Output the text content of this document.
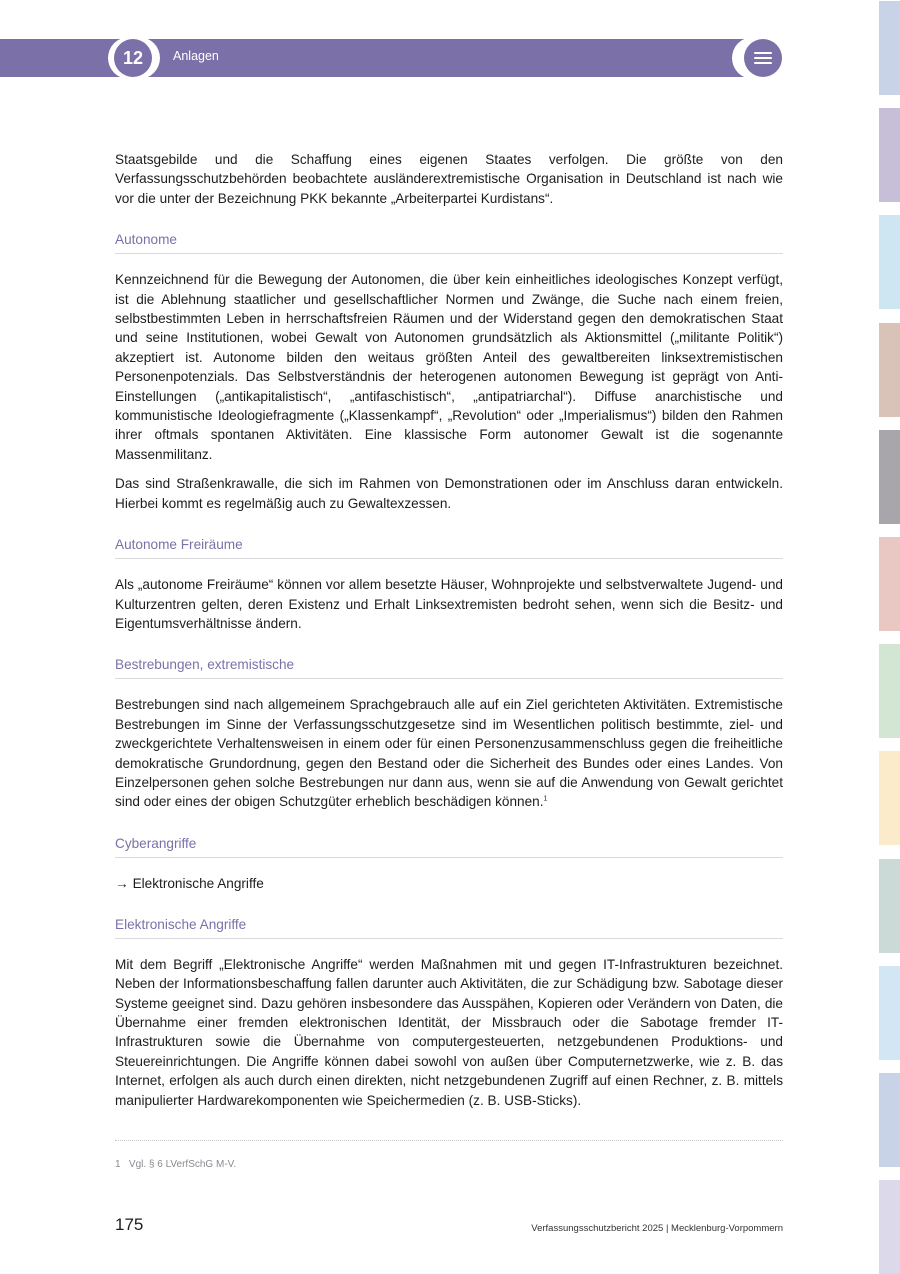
12	Anlagen

Staatsgebilde und die Schaffung eines eigenen Staates verfolgen. Die größte von den Verfassungsschutzbehörden beobachtete ausländerextremistische Organisation in Deutschland ist nach wie vor die unter der Bezeichnung PKK bekannte „Arbeiterpartei Kurdistans“.

Autonome

Kennzeichnend für die Bewegung der Autonomen, die über kein einheitliches ideologisches Konzept verfügt, ist die Ablehnung staatlicher und gesellschaftlicher Normen und Zwänge, die Suche nach einem freien, selbstbestimmten Leben in herrschaftsfreien Räumen und der Widerstand gegen den demokratischen Staat und seine Institutionen, wobei Gewalt von Autonomen grundsätzlich als Aktionsmittel („militante Politik“) akzeptiert ist. Autonome bilden den weitaus größten Anteil des gewaltbereiten linksextremistischen Personenpotenzials. Das Selbstverständnis der heterogenen autonomen Bewegung ist geprägt von Anti-Einstellungen („antikapitalistisch“, „antifaschistisch“, „antipatriarchal“). Diffuse anarchistische und kommunistische Ideologiefragmente („Klassenkampf“, „Revolution“ oder „Imperialismus“) bilden den Rahmen ihrer oftmals spontanen Aktivitäten. Eine klassische Form autonomer Gewalt ist die sogenannte Massenmilitanz.

Das sind Straßenkrawalle, die sich im Rahmen von Demonstrationen oder im Anschluss daran entwickeln. Hierbei kommt es regelmäßig auch zu Gewaltexzessen.

Autonome Freiräume

Als „autonome Freiräume“ können vor allem besetzte Häuser, Wohnprojekte und selbstverwaltete Jugend- und Kulturzentren gelten, deren Existenz und Erhalt Linksextremisten bedroht sehen, wenn sich die Besitz- und Eigentumsverhältnisse ändern.

Bestrebungen, extremistische

Bestrebungen sind nach allgemeinem Sprachgebrauch alle auf ein Ziel gerichteten Aktivitäten. Extremistische Bestrebungen im Sinne der Verfassungsschutzgesetze sind im Wesentlichen politisch bestimmte, ziel- und zweckgerichtete Verhaltensweisen in einem oder für einen Personenzusammenschluss gegen die freiheitliche demokratische Grundordnung, gegen den Bestand oder die Sicherheit des Bundes oder eines Landes. Von Einzelpersonen gehen solche Bestrebungen nur dann aus, wenn sie auf die Anwendung von Gewalt gerichtet sind oder eines der obigen Schutzgüter erheblich beschädigen können.$^1$

Cyberangriffe
→ Elektronische Angriffe
Elektronische Angriffe

Mit dem Begriff „Elektronische Angriffe“ werden Maßnahmen mit und gegen IT-Infrastrukturen bezeichnet. Neben der Informationsbeschaffung fallen darunter auch Aktivitäten, die zur Schädigung bzw. Sabotage dieser Systeme geeignet sind. Dazu gehören insbesondere das Ausspähen, Kopieren oder Verändern von Daten, die Übernahme einer fremden elektronischen Identität, der Missbrauch oder die Sabotage fremder IT-Infrastrukturen sowie die Übernahme von computergesteuerten, netzgebundenen Produktions- und Steuereinrichtungen. Die Angriffe können dabei sowohl von außen über Computernetzwerke, wie z. B. das Internet, erfolgen als auch durch einen direkten, nicht netzgebundenen Zugriff auf einen Rechner, z. B. mittels manipulierter Hardwarekomponenten wie Speichermedien (z. B. USB-Sticks).

1 Vgl. § 6 LVerfSchG M-V.
175	Verfassungsschutzbericht 2025 | Mecklenburg-Vorpommern
